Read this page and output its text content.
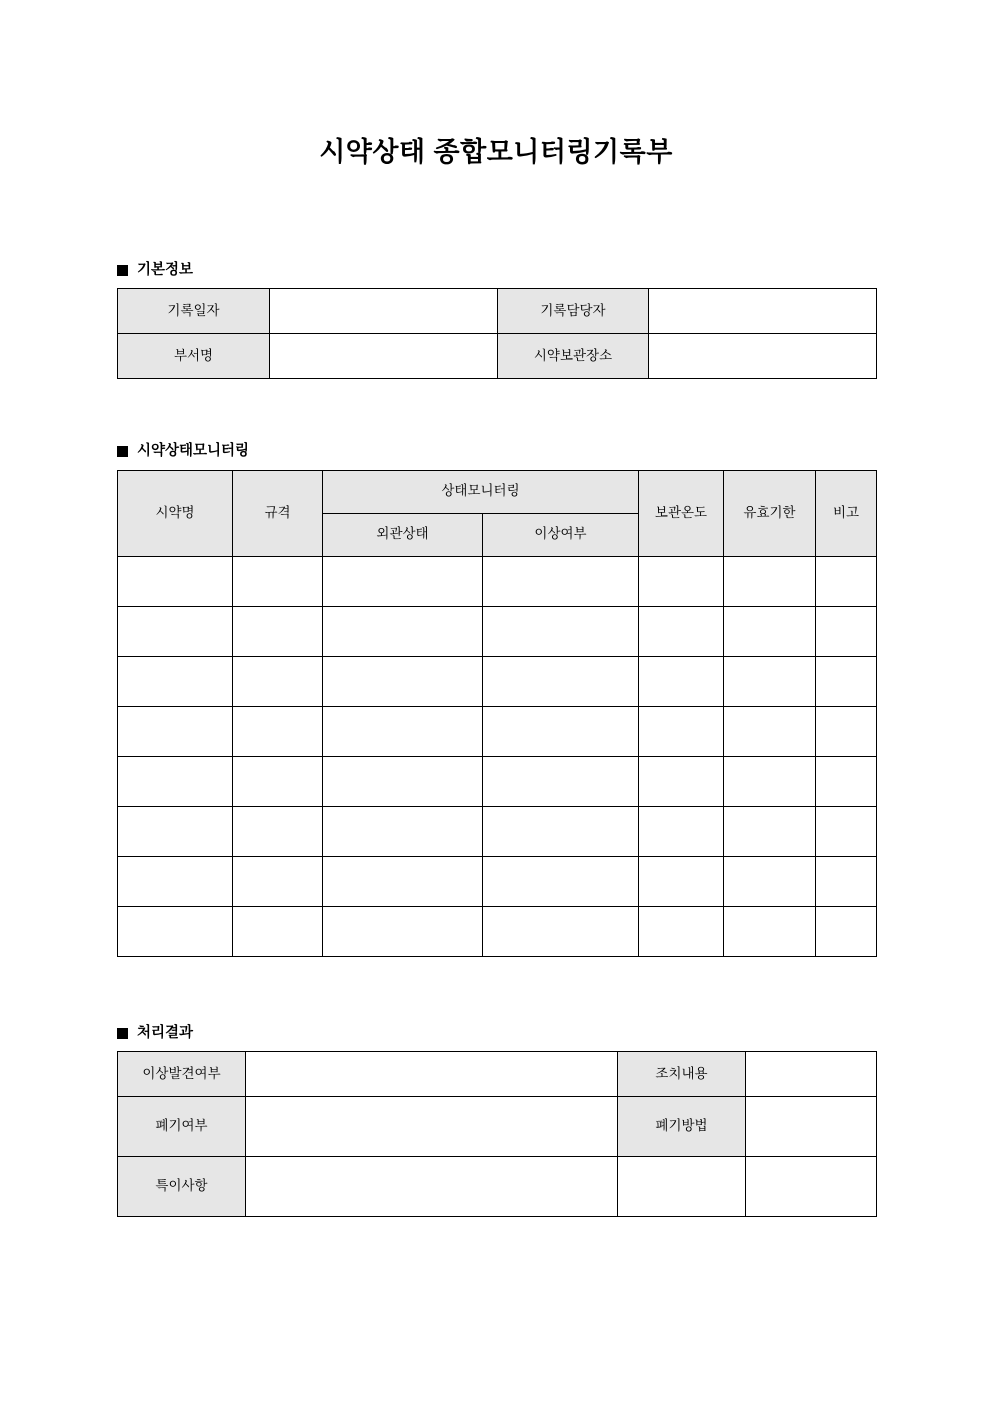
시약상태 종합모니터링기록부
기본정보
기록일자		기록담당자	
부서명		시약보관장소	
시약상태모니터링
시약명	규격	상태모니터링		보관온도	유효기한	비고
		외관상태	이상여부			

처리결과
이상발견여부		조치내용	
폐기여부		폐기방법	
특이사항			
